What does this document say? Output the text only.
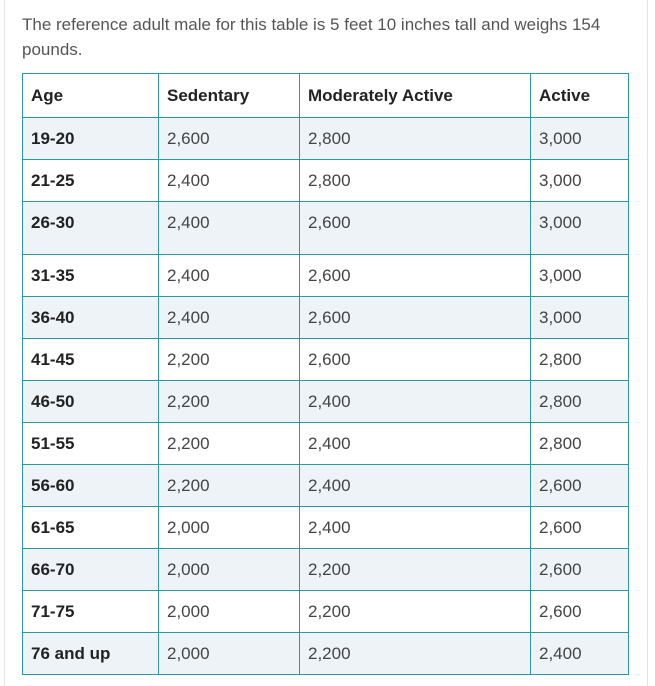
The reference adult male for this table is 5 feet 10 inches tall and weighs 154 pounds.

Age	Sedentary	Moderately Active	Active
19-20	2,600	2,800	3,000
21-25	2,400	2,800	3,000
26-30	2,400	2,600	3,000
31-35	2,400	2,600	3,000
36-40	2,400	2,600	3,000
41-45	2,200	2,600	2,800
46-50	2,200	2,400	2,800
51-55	2,200	2,400	2,800
56-60	2,200	2,400	2,600
61-65	2,000	2,400	2,600
66-70	2,000	2,200	2,600
71-75	2,000	2,200	2,600
76 and up	2,000	2,200	2,400
